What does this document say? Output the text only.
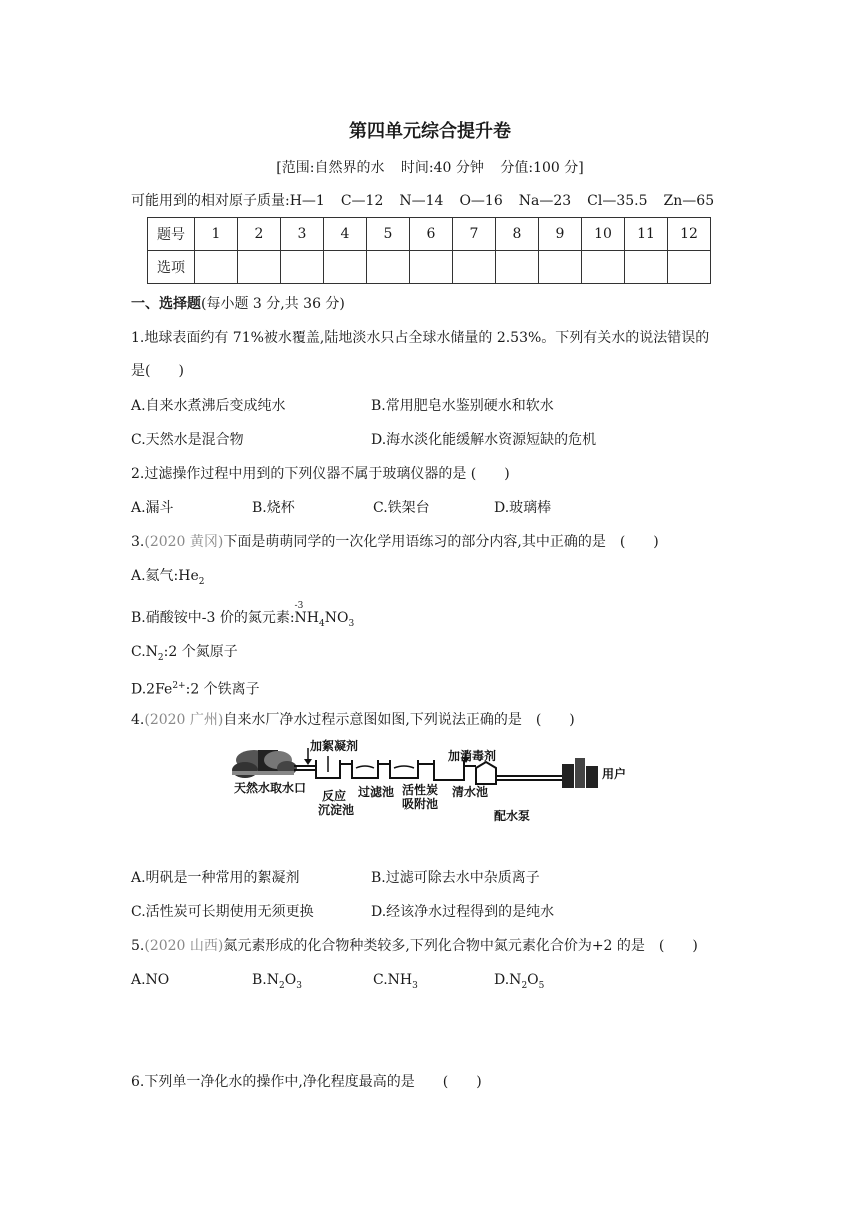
第四单元综合提升卷
[范围:自然界的水 时间:40 分钟 分值:100 分]
可能用到的相对原子质量:H—1 C—12 N—14 O—16 Na—23 Cl—35.5 Zn—65
题号	1	2	3	4	5	6	7	8	9	10	11	12
选项												
一、选择题(每小题 3 分,共 36 分)
1.地球表面约有 71%被水覆盖,陆地淡水只占全球水储量的 2.53%。下列有关水的说法错误的
是(　　)
A.自来水煮沸后变成纯水	B.常用肥皂水鉴别硬水和软水
C.天然水是混合物	D.海水淡化能缓解水资源短缺的危机
2.过滤操作过程中用到的下列仪器不属于玻璃仪器的是 (　　)
A.漏斗	B.烧杯	C.铁架台	D.玻璃棒
3.(2020 黄冈)下面是萌萌同学的一次化学用语练习的部分内容,其中正确的是　(　　)
A.氦气$:He_2$
B.硝酸铵中-3 价的氮元素:
-3
$NH_4NO_3$
$C.N_2:2$ 个氮原子
$D.2Fe^{2+}:2$ 个铁离子
4.(2020 广州)自来水厂净水过程示意图如图,下列说法正确的是　(　　)
加絮凝剂
加消毒剂
天然水取水口
反应
沉淀池
过滤池 活性炭
吸附池
清水池
配水泵
用户
A.明矾是一种常用的絮凝剂	B.过滤可除去水中杂质离子
C.活性炭可长期使用无须更换	D.经该净水过程得到的是纯水
5.(2020 山西)氮元素形成的化合物种类较多,下列化合物中氮元素化合价为+2 的是　(　　)
A.NO	$B.N_2O_3$	$C.NH_3$	$D.N_2O_5$
6.下列单一净化水的操作中,净化程度最高的是　　(　　)
